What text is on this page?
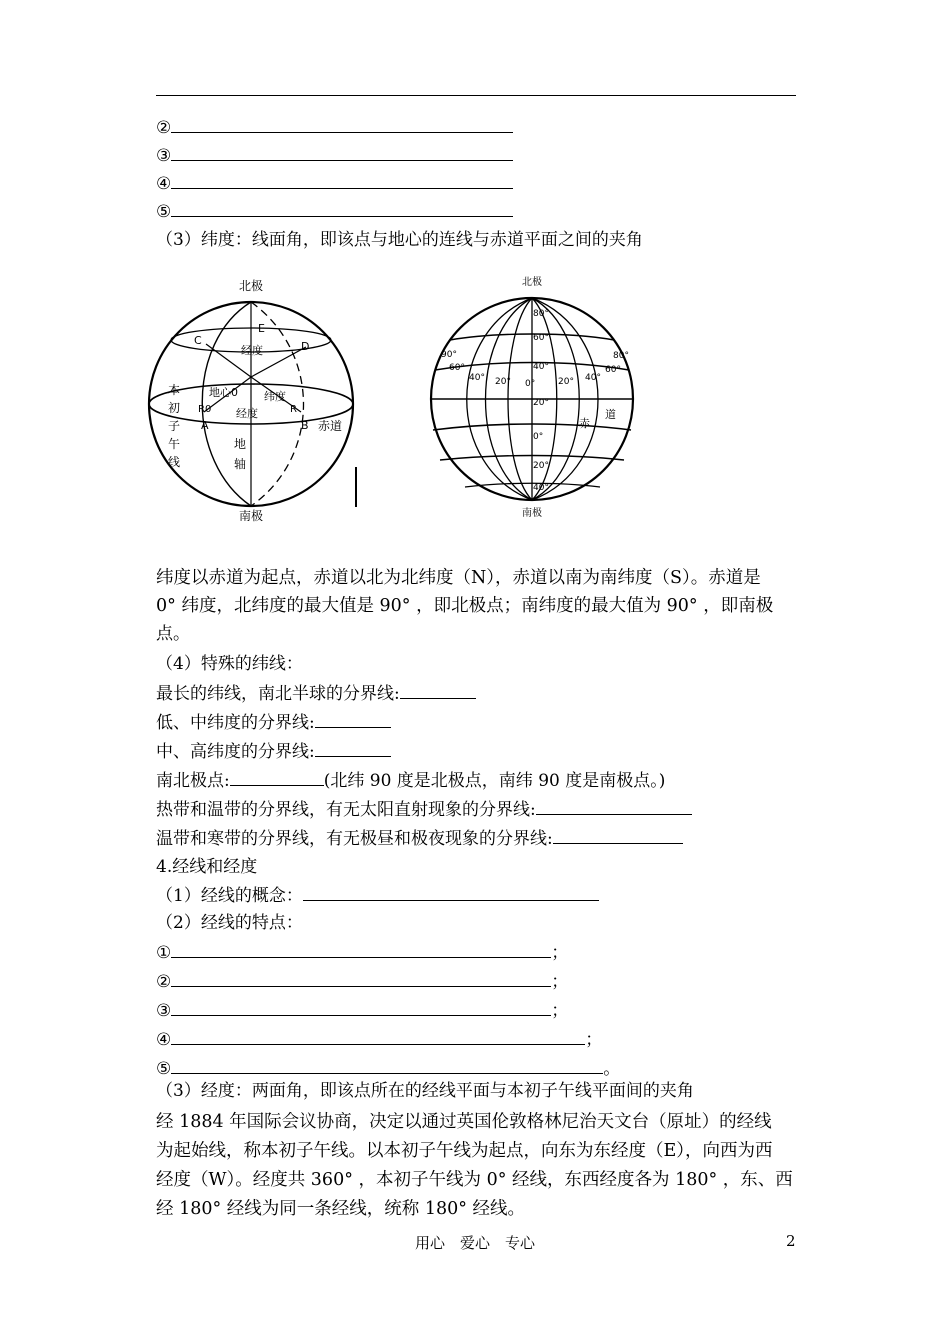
②
③
④
⑤
（3）纬度：线面角，即该点与地心的连线与赤道平面之间的夹角
北极
南极
E
C	D
经度
地心0 纬度
经度
R0	R
A	B 赤道
本
初
子
午
线
地
轴
北极
南极
80°
60°
40°
20°
0°
20°
40°
90°
60°
40° 20° 0°	20° 40°
60°
80°
赤
道
纬度以赤道为起点，赤道以北为北纬度（N），赤道以南为南纬度（S）。赤道是
0° 纬度，北纬度的最大值是 90° ，即北极点；南纬度的最大值为 90° ，即南极
点。
（4）特殊的纬线：
最长的纬线，南北半球的分界线:
低、中纬度的分界线:
中、高纬度的分界线:
南北极点:	(北纬 90 度是北极点，南纬 90 度是南极点。)
热带和温带的分界线，有无太阳直射现象的分界线:
温带和寒带的分界线，有无极昼和极夜现象的分界线:
4.经线和经度
（1）经线的概念：
（2）经线的特点：
①	；
②	；
③	；
④	；
⑤	。
（3）经度：两面角，即该点所在的经线平面与本初子午线平面间的夹角
经 1884 年国际会议协商，决定以通过英国伦敦格林尼治天文台（原址）的经线
为起始线，称本初子午线。以本初子午线为起点，向东为东经度（E），向西为西
经度（W）。经度共 360° ，本初子午线为 0° 经线，东西经度各为 180° ，东、西
经 180° 经线为同一条经线，统称 180° 经线。
用心　爱心　专心	2
